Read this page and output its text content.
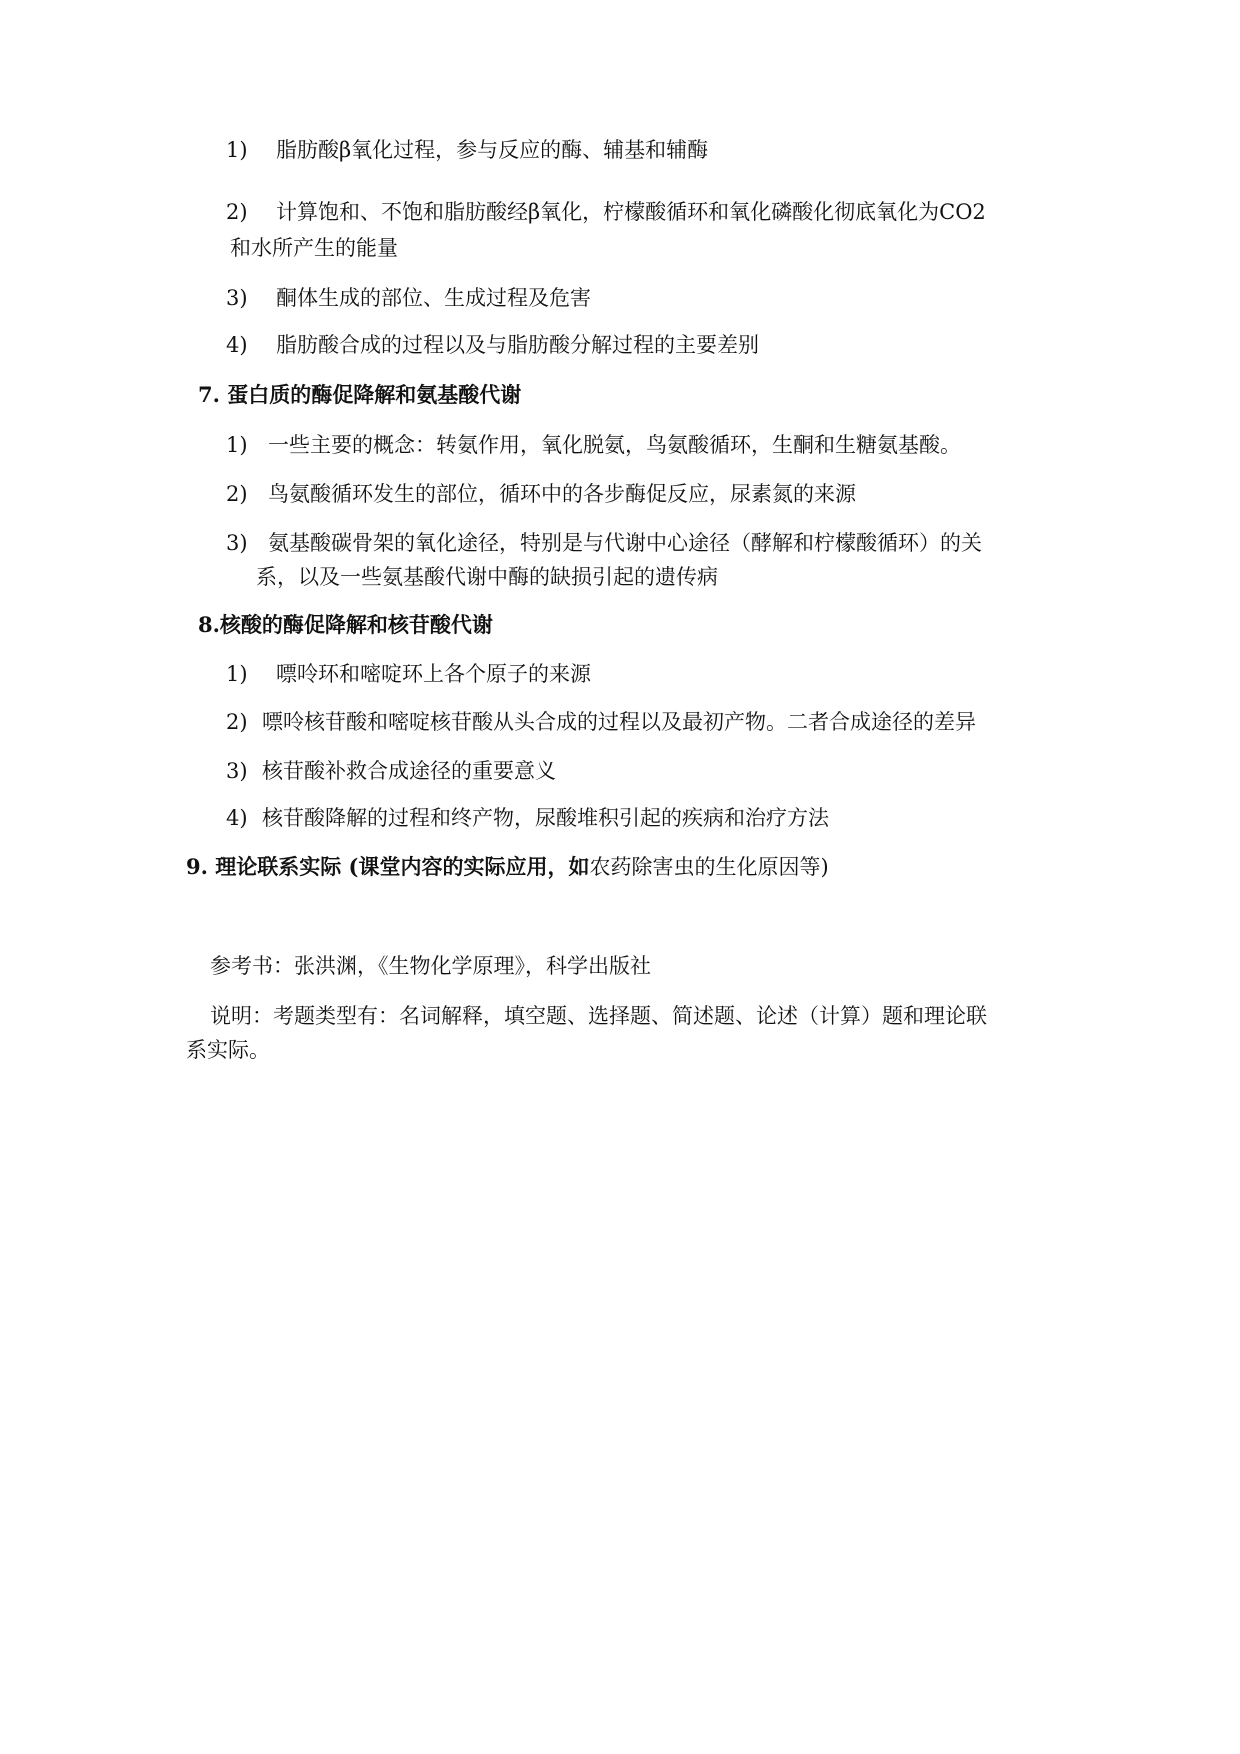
1) 脂肪酸β氧化过程，参与反应的酶、辅基和辅酶
2) 计算饱和、不饱和脂肪酸经β氧化，柠檬酸循环和氧化磷酸化彻底氧化为CO2
和水所产生的能量
3) 酮体生成的部位、生成过程及危害
4) 脂肪酸合成的过程以及与脂肪酸分解过程的主要差别
7. 蛋白质的酶促降解和氨基酸代谢
1) 一些主要的概念：转氨作用，氧化脱氨，鸟氨酸循环，生酮和生糖氨基酸。
2) 鸟氨酸循环发生的部位，循环中的各步酶促反应，尿素氮的来源
3) 氨基酸碳骨架的氧化途径，特别是与代谢中心途径（酵解和柠檬酸循环）的关
系，以及一些氨基酸代谢中酶的缺损引起的遗传病
8.核酸的酶促降解和核苷酸代谢
1) 嘌呤环和嘧啶环上各个原子的来源
2) 嘌呤核苷酸和嘧啶核苷酸从头合成的过程以及最初产物。二者合成途径的差异
3) 核苷酸补救合成途径的重要意义
4) 核苷酸降解的过程和终产物，尿酸堆积引起的疾病和治疗方法
9. 理论联系实际 (课堂内容的实际应用，如农药除害虫的生化原因等)
参考书：张洪渊，《生物化学原理》，科学出版社
说明：考题类型有：名词解释，填空题、选择题、简述题、论述（计算）题和理论联
系实际。
